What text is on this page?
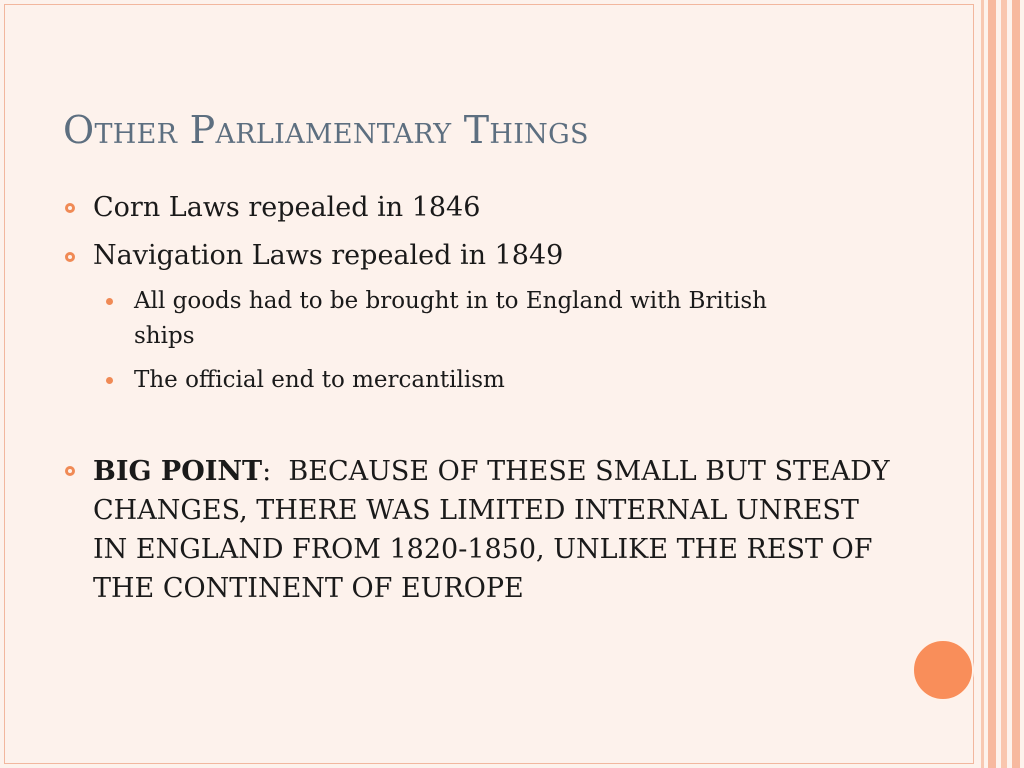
Other Parliamentary Things
Corn Laws repealed in 1846
Navigation Laws repealed in 1849
All goods had to be brought in to England with British ships
The official end to mercantilism
BIG POINT:  BECAUSE OF THESE SMALL BUT STEADY CHANGES, THERE WAS LIMITED INTERNAL UNREST IN ENGLAND FROM 1820-1850, UNLIKE THE REST OF THE CONTINENT OF EUROPE
